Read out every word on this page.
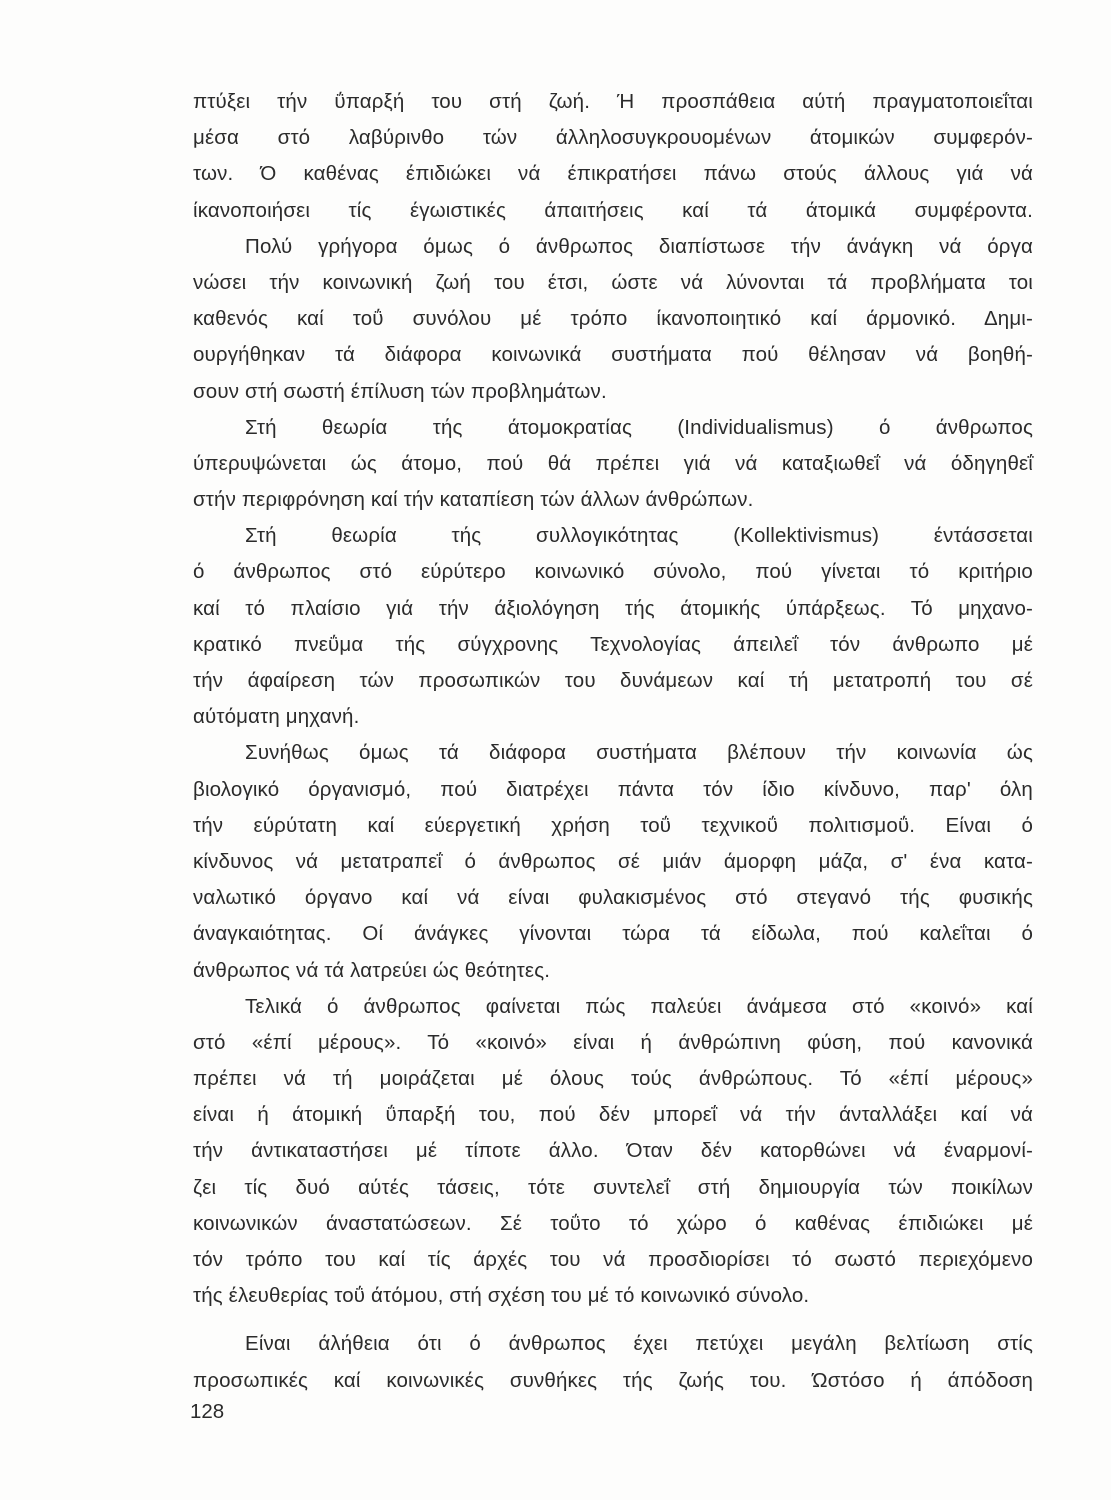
πτύξει τήν ΰπαρξή του στή ζωή. Ή προσπάθεια αύτή πραγματοποιεΐται
μέσα στό λαβύρινθο τών άλληλοσυγκρουομένων άτομικών συμφερόν-
των. Ό καθένας έπιδιώκει νά έπικρατήσει πάνω στούς άλλους γιά νά
ίκανοποιήσει τίς έγωιστικές άπαιτήσεις καί τά άτομικά συμφέροντα.
Πολύ γρήγορα όμως ό άνθρωπος διαπίστωσε τήν άνάγκη νά όργα
νώσει τήν κοινωνική ζωή του έτσι, ώστε νά λύνονται τά προβλήματα τοι
καθενός καί τοΰ συνόλου μέ τρόπο ίκανοποιητικό καί άρμονικό. Δημι-
ουργήθηκαν τά διάφορα κοινωνικά συστήματα πού θέλησαν νά βοηθή-
σουν στή σωστή έπίλυση τών προβλημάτων.
Στή θεωρία τής άτομοκρατίας (Individualismus) ό άνθρωπος
ύπερυψώνεται ώς άτομο, πού θά πρέπει γιά νά καταξιωθεΐ νά όδηγηθεΐ
στήν περιφρόνηση καί τήν καταπίεση τών άλλων άνθρώπων.
Στή θεωρία τής συλλογικότητας (Kollektivismus) έντάσσεται
ό άνθρωπος στό εύρύτερο κοινωνικό σύνολο, πού γίνεται τό κριτήριο
καί τό πλαίσιο γιά τήν άξιολόγηση τής άτομικής ύπάρξεως. Τό μηχανο-
κρατικό πνεΰμα τής σύγχρονης Τεχνολογίας άπειλεΐ τόν άνθρωπο μέ
τήν άφαίρεση τών προσωπικών του δυνάμεων καί τή μετατροπή του σέ
αύτόματη μηχανή.
Συνήθως όμως τά διάφορα συστήματα βλέπουν τήν κοινωνία ώς
βιολογικό όργανισμό, πού διατρέχει πάντα τόν ίδιο κίνδυνο, παρ' όλη
τήν εύρύτατη καί εύεργετική χρήση τοΰ τεχνικοΰ πολιτισμοΰ. Είναι ό
κίνδυνος νά μετατραπεΐ ό άνθρωπος σέ μιάν άμορφη μάζα, σ' ένα κατα-
ναλωτικό όργανο καί νά είναι φυλακισμένος στό στεγανό τής φυσικής
άναγκαιότητας. Οί άνάγκες γίνονται τώρα τά είδωλα, πού καλεΐται ό
άνθρωπος νά τά λατρεύει ώς θεότητες.
Τελικά ό άνθρωπος φαίνεται πώς παλεύει άνάμεσα στό «κοινό» καί
στό «έπί μέρους». Τό «κοινό» είναι ή άνθρώπινη φύση, πού κανονικά
πρέπει νά τή μοιράζεται μέ όλους τούς άνθρώπους. Τό «έπί μέρους»
είναι ή άτομική ΰπαρξή του, πού δέν μπορεΐ νά τήν άνταλλάξει καί νά
τήν άντικαταστήσει μέ τίποτε άλλο. Όταν δέν κατορθώνει νά έναρμονί-
ζει τίς δυό αύτές τάσεις, τότε συντελεΐ στή δημιουργία τών ποικίλων
κοινωνικών άναστατώσεων. Σέ τοΰτο τό χώρο ό καθένας έπιδιώκει μέ
τόν τρόπο του καί τίς άρχές του νά προσδιορίσει τό σωστό περιεχόμενο
τής έλευθερίας τοΰ άτόμου, στή σχέση του μέ τό κοινωνικό σύνολο.
Είναι άλήθεια ότι ό άνθρωπος έχει πετύχει μεγάλη βελτίωση στίς
προσωπικές καί κοινωνικές συνθήκες τής ζωής του. Ώστόσο ή άπόδοση
128
